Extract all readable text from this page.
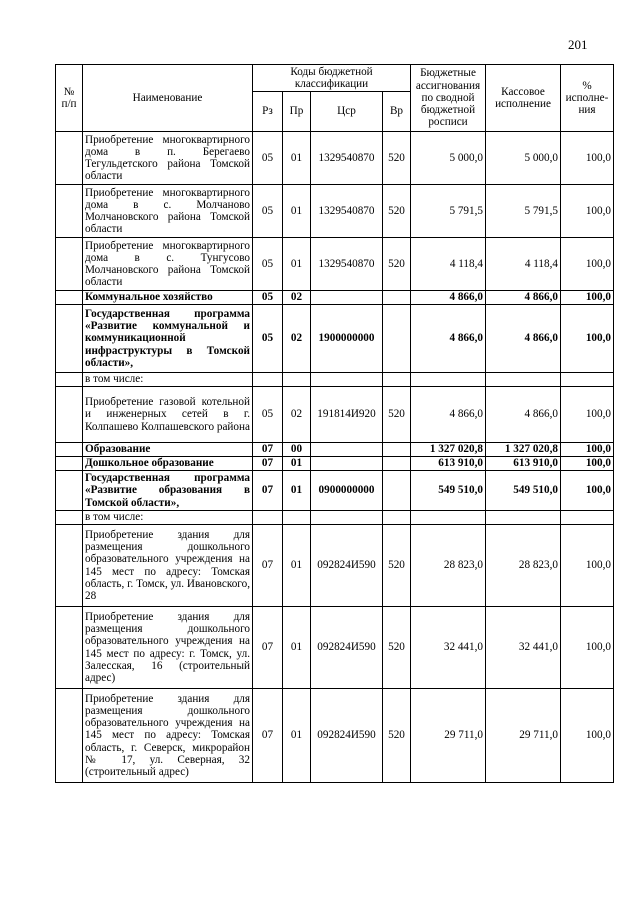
201
№ п/п	Наименование	Коды бюджетной классификации				Бюджетные ассигнования по сводной бюджетной росписи	Кассовое исполнение	% исполне-ния
		Рз	Пр	Цср	Вр			
	Приобретение многоквартирного дома в п. Берегаево Тегульдетского района Томской области	05	01	1329540870	520	5 000,0	5 000,0	100,0
	Приобретение многоквартирного дома в с. Молчаново Молчановского района Томской области	05	01	1329540870	520	5 791,5	5 791,5	100,0
	Приобретение многоквартирного дома в с. Тунгусово Молчановского района Томской области	05	01	1329540870	520	4 118,4	4 118,4	100,0
	Коммунальное хозяйство	05	02			4 866,0	4 866,0	100,0
	Государственная программа «Развитие коммунальной и коммуникационной инфраструктуры в Томской области»,	05	02	1900000000		4 866,0	4 866,0	100,0
	в том числе:							
	Приобретение газовой котельной и инженерных сетей в г. Колпашево Колпашевского района	05	02	191814И920	520	4 866,0	4 866,0	100,0
	Образование	07	00			1 327 020,8	1 327 020,8	100,0
	Дошкольное образование	07	01			613 910,0	613 910,0	100,0
	Государственная программа «Развитие образования в Томской области»,	07	01	0900000000		549 510,0	549 510,0	100,0
	в том числе:							
	Приобретение здания для размещения дошкольного образовательного учреждения на 145 мест по адресу: Томская область, г. Томск, ул. Ивановского, 28	07	01	092824И590	520	28 823,0	28 823,0	100,0
	Приобретение здания для размещения дошкольного образовательного учреждения на 145 мест по адресу: г. Томск, ул. Залесская, 16 (строительный адрес)	07	01	092824И590	520	32 441,0	32 441,0	100,0
	Приобретение здания для размещения дошкольного образовательного учреждения на 145 мест по адресу: Томская область, г. Северск, микрорайон № 17, ул. Северная, 32 (строительный адрес)	07	01	092824И590	520	29 711,0	29 711,0	100,0
